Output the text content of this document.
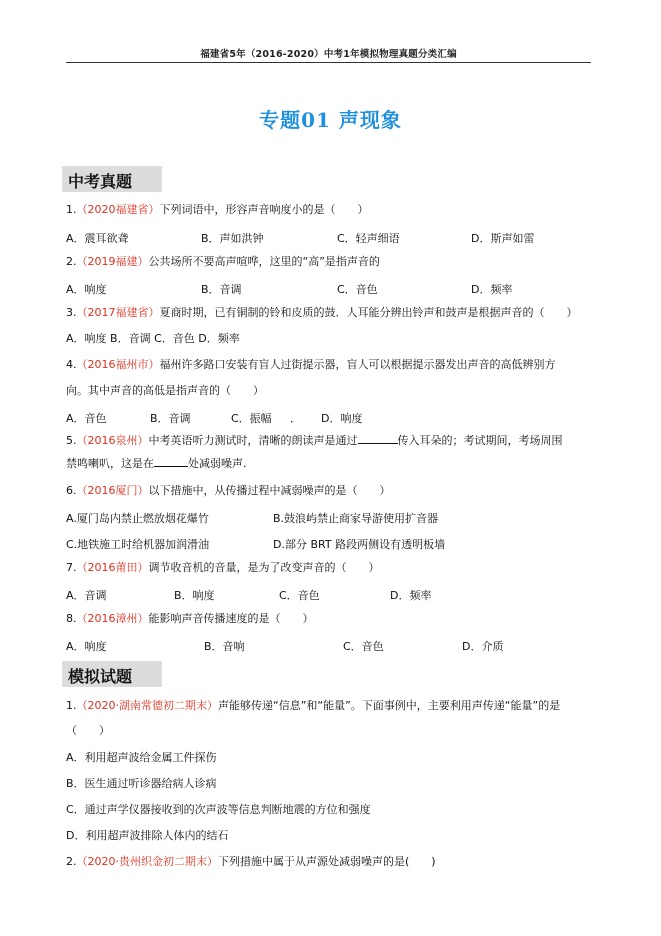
福建省5年（2016-2020）中考1年模拟物理真题分类汇编
专题01 声现象
中考真题
1.（2020福建省）下列词语中，形容声音响度小的是（　　）
A．震耳欲聋	B．声如洪钟	C．轻声细语	D．斯声如雷
2.（2019福建）公共场所不要高声喧哗，这里的“高”是指声音的
A．响度	B．音调	C．音色	D．频率
3.（2017福建省）夏商时期，已有铜制的铃和皮质的鼓．人耳能分辨出铃声和鼓声是根据声音的（　　）
A．响度 B．音调 C．音色 D．频率
4.（2016福州市）福州许多路口安装有盲人过街提示器，盲人可以根据提示器发出声音的高低辨别方
向。其中声音的高低是指声音的（　　）
A．音色	B．音调	C．振幅 ． D．响度
5.（2016泉州）中考英语听力测试时，清晰的朗读声是通过	传入耳朵的；考试期间，考场周围
禁鸣喇叭，这是在	处减弱噪声.
6.（2016厦门）以下措施中，从传播过程中减弱噪声的是（　　）
A.厦门岛内禁止燃放烟花爆竹	B.鼓浪屿禁止商家导游使用扩音器
C.地铁施工时给机器加润滑油	D.部分 BRT 路段两侧设有透明板墙
7.（2016莆田）调节收音机的音量，是为了改变声音的（　　）
A．音调	B．响度	C．音色	D．频率
8.（2016漳州）能影响声音传播速度的是（　　）
A．响度	B．音响	C．音色	D．介质
模拟试题
1.（2020·湖南常德初二期末）声能够传递“信息”和“能量”。下面事例中，主要利用声传递“能量”的是
（　　）
A．利用超声波给金属工件探伤
B．医生通过听诊器给病人诊病
C．通过声学仪器接收到的次声波等信息判断地震的方位和强度
D．利用超声波排除人体内的结石
2.（2020·贵州织金初二期末）下列措施中属于从声源处减弱噪声的是(　　)
